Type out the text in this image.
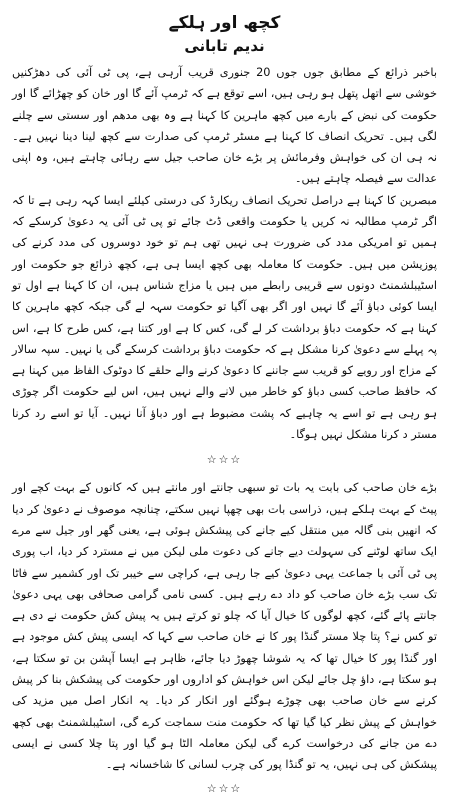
کچھ اور ہلکے
ندیم تابانی

باخبر ذرائع کے مطابق جوں جوں 20 جنوری قریب آرہی ہے، پی ٹی آئی کی دھڑکنیں خوشی سے اتھل پتھل ہو رہی ہیں، اسے توقع ہے کہ ٹرمپ آئے گا اور خان کو چھڑائے گا اور حکومت کی نبض کے بارے میں کچھ ماہرین کا کہنا ہے وہ بھی مدھم اور سستی سے چلنے لگی ہیں۔ تحریک انصاف کا کہنا ہے مسٹر ٹرمپ کی صدارت سے کچھ لینا دینا نہیں ہے۔ نہ ہی ان کی خواہش وفرمائش پر بڑے خان صاحب جیل سے رہائی چاہتے ہیں، وہ اپنی عدالت سے فیصلہ چاہتے ہیں۔

مبصرین کا کہنا ہے دراصل تحریک انصاف ریکارڈ کی درستی کیلئے ایسا کہہ رہی ہے تا کہ اگر ٹرمپ مطالبہ نہ کریں یا حکومت واقعی ڈٹ جائے تو پی ٹی آئی یہ دعویٰ کرسکے کہ ہمیں تو امریکی مدد کی ضرورت ہی نہیں تھی ہم تو خود دوسروں کی مدد کرنے کی پوزیشن میں ہیں۔ حکومت کا معاملہ بھی کچھ ایسا ہی ہے، کچھ ذرائع جو حکومت اور اسٹیبلشمنٹ دونوں سے قریبی رابطے میں ہیں یا مزاج شناس ہیں، ان کا کہنا ہے اول تو ایسا کوئی دباؤ آئے گا نہیں اور اگر بھی آگیا تو حکومت سہہ لے گی جبکہ کچھ ماہرین کا کہنا ہے کہ حکومت دباؤ برداشت کر لے گی، کس کا ہے اور کتنا ہے، کس طرح کا ہے، اس پہ پہلے سے دعویٰ کرنا مشکل ہے کہ حکومت دباؤ برداشت کرسکے گی یا نہیں۔ سپہ سالار کے مزاج اور رویے کو قریب سے جاننے کا دعویٰ کرنے والے حلقے کا دوٹوک الفاظ میں کہنا ہے کہ حافظ صاحب کسی دباؤ کو خاطر میں لانے والے نہیں ہیں، اس لیے حکومت اگر چوڑی ہو رہی ہے تو اسے یہ چاہیے کہ پشت مضبوط ہے اور دباؤ آنا نہیں۔ آیا تو اسے رد کرنا مستر د کرنا مشکل نہیں ہوگا۔

☆☆☆

بڑے خان صاحب کی بابت یہ بات تو سبھی جانتے اور مانتے ہیں کہ کانوں کے بہت کچے اور پیٹ کے بہت ہلکے ہیں، ذراسی بات بھی چھپا نہیں سکتے، چنانچہ موصوف نے دعویٰ کر دیا کہ انھیں بنی گالہ میں منتقل کیے جانے کی پیشکش ہوئی ہے، یعنی گھر اور جیل سے مرے ایک ساتھ لوٹنے کی سہولت دیے جانے کی دعوت ملی لیکن میں نے مسترد کر دیا، اب پوری پی ٹی آئی با جماعت یہی دعویٰ کیے جا رہی ہے، کراچی سے خیبر تک اور کشمیر سے فاٹا تک سب بڑے خان صاحب کو داد دے رہے ہیں۔ کسی نامی گرامی صحافی بھی یہی دعویٰ جانتے پائے گئے، کچھ لوگوں کا خیال آیا کہ چلو تو کرتے ہیں یہ پیش کش حکومت نے دی ہے تو کس نے؟ پتا چلا مستر گنڈا پور کا نے خان صاحب سے کہا کہ ایسی پیش کش موجود ہے اور گنڈا پور کا خیال تھا کہ یہ شوشا چھوڑ دیا جائے، ظاہر ہے ایسا آپشن بن تو سکتا ہے، ہو سکتا ہے، داؤ چل جائے لیکن اس خواہش کو اداروں اور حکومت کی پیشکش بنا کر پیش کرنے سے خان صاحب بھی چوڑے ہوگئے اور انکار کر دیا۔ یہ انکار اصل میں مزید کی خواہش کے پیش نظر کیا گیا تھا کہ حکومت منت سماجت کرے گی، اسٹیبلشمنٹ بھی کچھ دے من جانے کی درخواست کرے گی لیکن معاملہ الٹا ہو گیا اور پتا چلا کسی نے ایسی پیشکش کی ہی نہیں، یہ تو گنڈا پور کی چرب لسانی کا شاخسانہ ہے۔

☆☆☆
